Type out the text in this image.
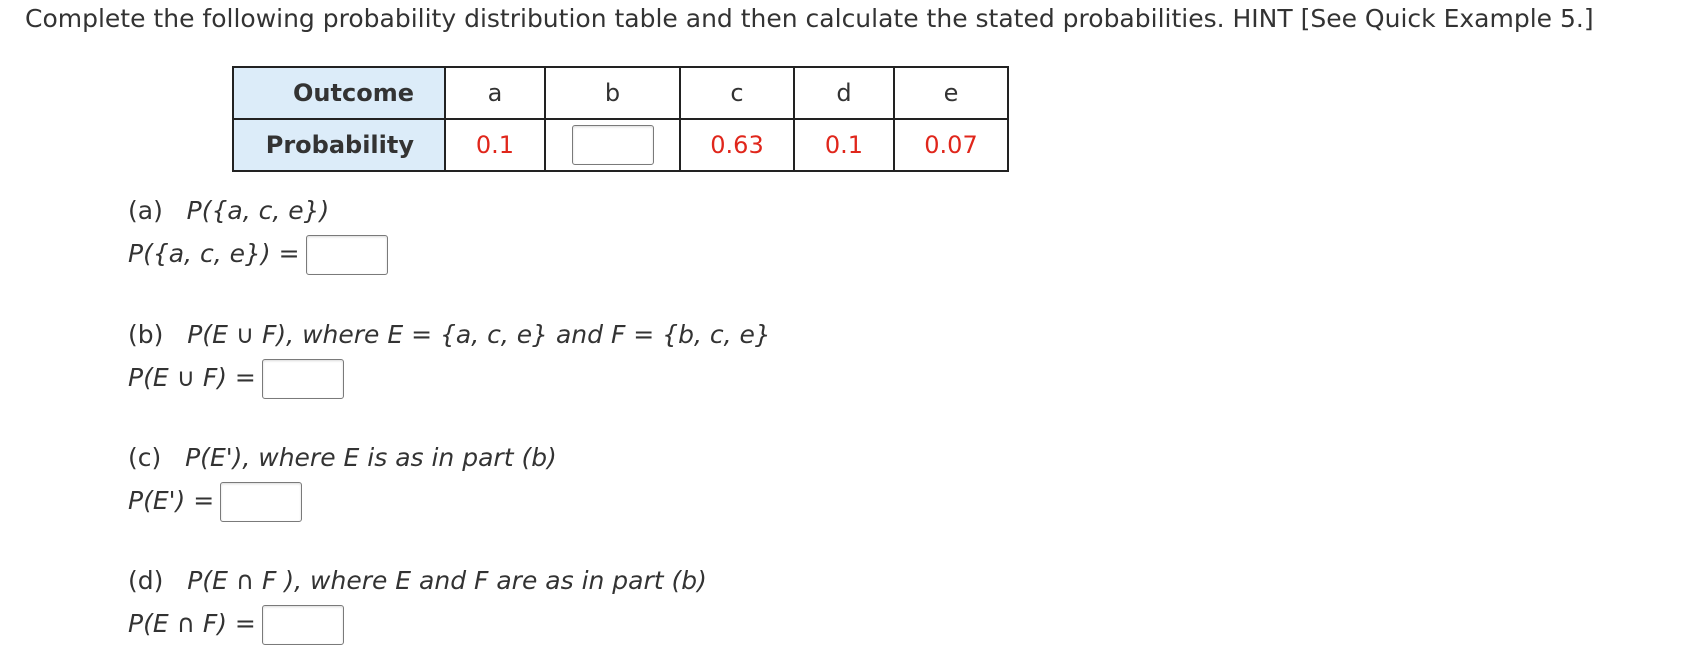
Complete the following probability distribution table and then calculate the stated probabilities. HINT [See Quick Example 5.]
Outcome	a	b	c	d	e
Probability	0.1		0.63	0.1	0.07
(a) P({a, c, e})
P({a, c, e}) =
(b) P(E ∪ F), where E = {a, c, e} and F = {b, c, e}
P(E ∪ F) =
(c) P(E'), where E is as in part (b)
P(E') =
(d) P(E ∩ F ), where E and F are as in part (b)
P(E ∩ F) =
